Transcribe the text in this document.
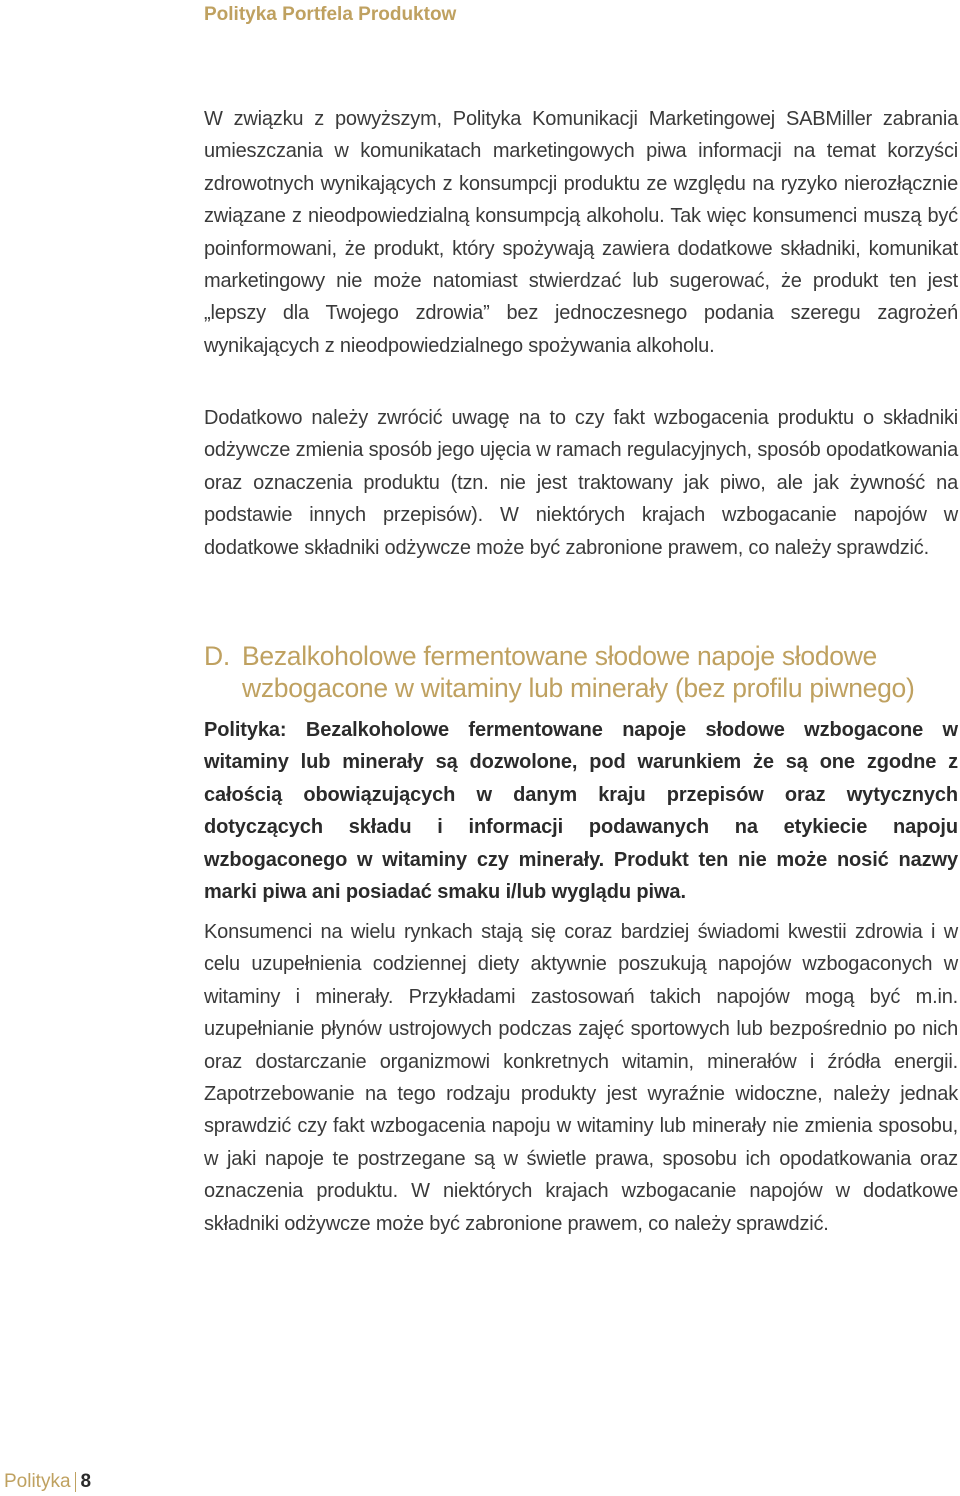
Polityka Portfela Produktow

W związku z powyższym, Polityka Komunikacji Marketingowej SABMiller zabrania umieszczania w komunikatach marketingowych piwa informacji na temat korzyści zdrowotnych wynikających z konsumpcji produktu ze względu na ryzyko nierozłącznie związane z nieodpowiedzialną konsumpcją alkoholu. Tak więc konsumenci muszą być poinformowani, że produkt, który spożywają zawiera dodatkowe składniki, komunikat marketingowy nie może natomiast stwierdzać lub sugerować, że produkt ten jest „lepszy dla Twojego zdrowia” bez jednoczesnego podania szeregu zagrożeń wynikających z nieodpowiedzialnego spożywania alkoholu.

Dodatkowo należy zwrócić uwagę na to czy fakt wzbogacenia produktu o składniki odżywcze zmienia sposób jego ujęcia w ramach regulacyjnych, sposób opodatkowania oraz oznaczenia produktu (tzn. nie jest traktowany jak piwo, ale jak żywność na podstawie innych przepisów). W niektórych krajach wzbogacanie napojów w dodatkowe składniki odżywcze może być zabronione prawem, co należy sprawdzić.

D. Bezalkoholowe fermentowane słodowe napoje słodowe
wzbogacone w witaminy lub minerały (bez profilu piwnego)

Polityka: Bezalkoholowe fermentowane napoje słodowe wzbogacone w witaminy lub minerały są dozwolone, pod warunkiem że są one zgodne z całością obowiązujących w danym kraju przepisów oraz wytycznych dotyczących składu i informacji podawanych na etykiecie napoju wzbogaconego w witaminy czy minerały. Produkt ten nie może nosić nazwy marki piwa ani posiadać smaku i/lub wyglądu piwa.

Konsumenci na wielu rynkach stają się coraz bardziej świadomi kwestii zdrowia i w celu uzupełnienia codziennej diety aktywnie poszukują napojów wzbogaconych w witaminy i minerały. Przykładami zastosowań takich napojów mogą być m.in. uzupełnianie płynów ustrojowych podczas zajęć sportowych lub bezpośrednio po nich oraz dostarczanie organizmowi konkretnych witamin, minerałów i źródła energii. Zapotrzebowanie na tego rodzaju produkty jest wyraźnie widoczne, należy jednak sprawdzić czy fakt wzbogacenia napoju w witaminy lub minerały nie zmienia sposobu, w jaki napoje te postrzegane są w świetle prawa, sposobu ich opodatkowania oraz oznaczenia produktu. W niektórych krajach wzbogacanie napojów w dodatkowe składniki odżywcze może być zabronione prawem, co należy sprawdzić.

Polityka 8
